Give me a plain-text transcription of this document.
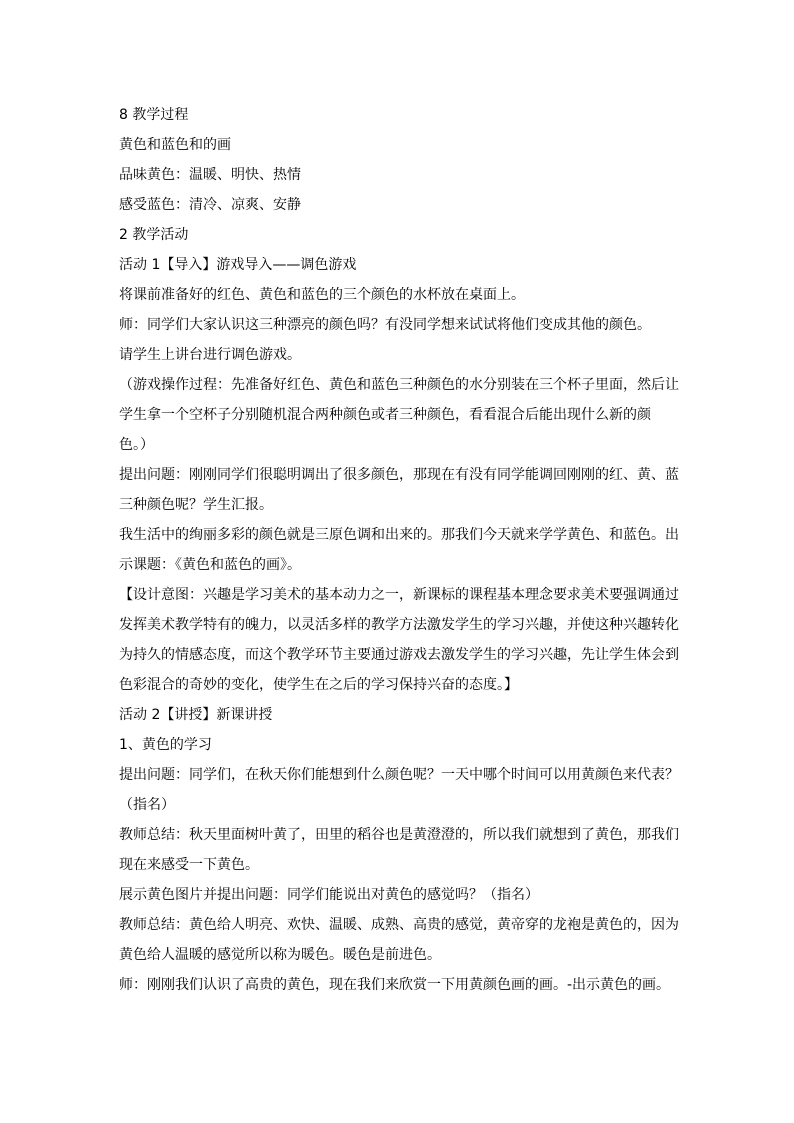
8 教学过程
黄色和蓝色和的画
品味黄色：温暖、明快、热情
感受蓝色：清冷、凉爽、安静
2 教学活动
活动 1【导入】游戏导入——调色游戏
将课前准备好的红色、黄色和蓝色的三个颜色的水杯放在桌面上。
师：同学们大家认识这三种漂亮的颜色吗？有没同学想来试试将他们变成其他的颜色。
请学生上讲台进行调色游戏。
（游戏操作过程：先准备好红色、黄色和蓝色三种颜色的水分别装在三个杯子里面，然后让
学生拿一个空杯子分别随机混合两种颜色或者三种颜色，看看混合后能出现什么新的颜
色。）
提出问题：刚刚同学们很聪明调出了很多颜色，那现在有没有同学能调回刚刚的红、黄、蓝
三种颜色呢？学生汇报。
我生活中的绚丽多彩的颜色就是三原色调和出来的。那我们今天就来学学黄色、和蓝色。出
示课题：《黄色和蓝色的画》。
【设计意图：兴趣是学习美术的基本动力之一，新课标的课程基本理念要求美术要强调通过
发挥美术教学特有的魄力，以灵活多样的教学方法激发学生的学习兴趣，并使这种兴趣转化
为持久的情感态度，而这个教学环节主要通过游戏去激发学生的学习兴趣，先让学生体会到
色彩混合的奇妙的变化，使学生在之后的学习保持兴奋的态度。】
活动 2【讲授】新课讲授
1、黄色的学习
提出问题：同学们，在秋天你们能想到什么颜色呢？一天中哪个时间可以用黄颜色来代表？
（指名）
教师总结：秋天里面树叶黄了，田里的稻谷也是黄澄澄的，所以我们就想到了黄色，那我们
现在来感受一下黄色。
展示黄色图片并提出问题：同学们能说出对黄色的感觉吗？（指名）
教师总结：黄色给人明亮、欢快、温暖、成熟、高贵的感觉，黄帝穿的龙袍是黄色的，因为
黄色给人温暖的感觉所以称为暖色。暖色是前进色。
师：刚刚我们认识了高贵的黄色，现在我们来欣赏一下用黄颜色画的画。-出示黄色的画。
